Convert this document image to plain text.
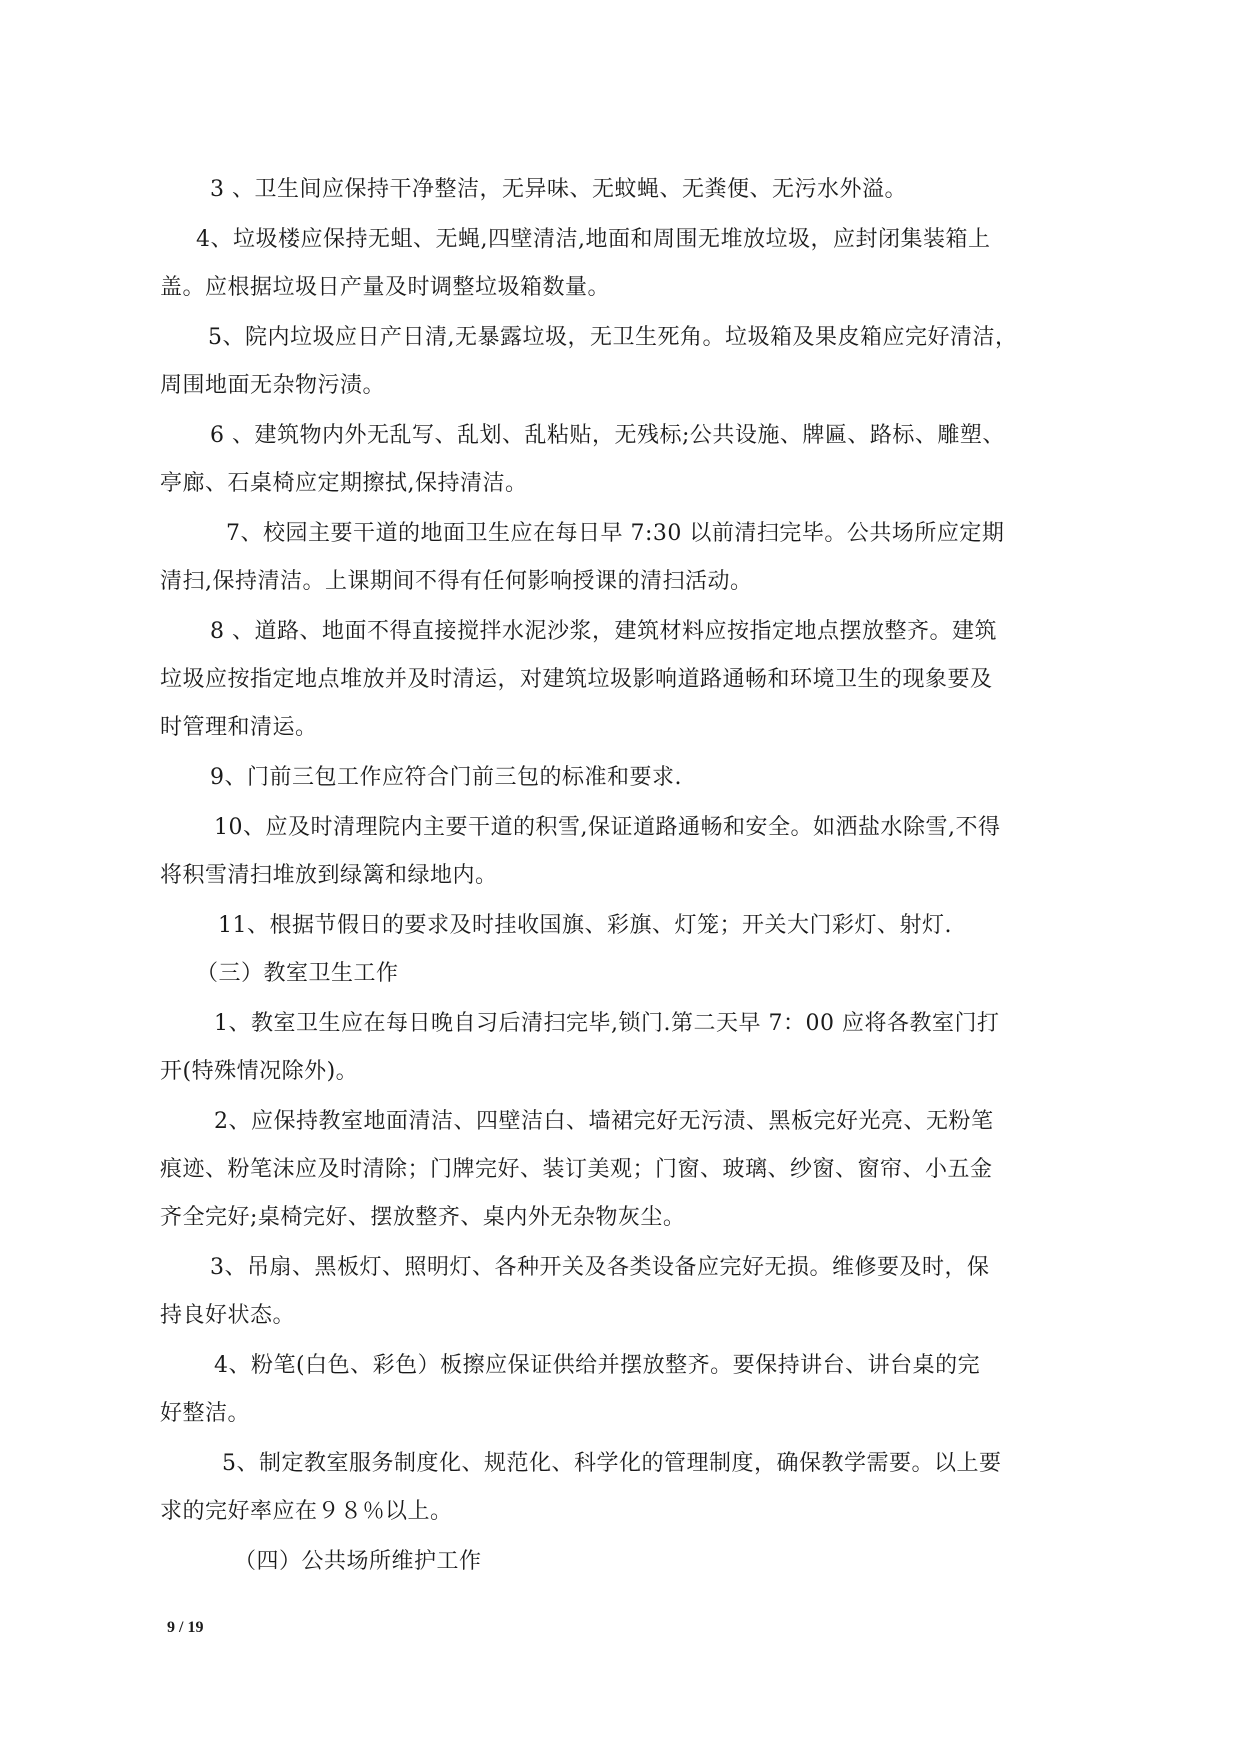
3 、卫生间应保持干净整洁，无异味、无蚊蝇、无粪便、无污水外溢。
4、垃圾楼应保持无蛆、无蝇,四壁清洁,地面和周围无堆放垃圾，应封闭集装箱上
盖。应根据垃圾日产量及时调整垃圾箱数量。
5、院内垃圾应日产日清,无暴露垃圾，无卫生死角。垃圾箱及果皮箱应完好清洁，
周围地面无杂物污渍。
6 、建筑物内外无乱写、乱划、乱粘贴，无残标;公共设施、牌匾、路标、雕塑、
亭廊、石桌椅应定期擦拭,保持清洁。
7、校园主要干道的地面卫生应在每日早 7:30 以前清扫完毕。公共场所应定期
清扫,保持清洁。上课期间不得有任何影响授课的清扫活动。
8 、道路、地面不得直接搅拌水泥沙浆，建筑材料应按指定地点摆放整齐。建筑
垃圾应按指定地点堆放并及时清运，对建筑垃圾影响道路通畅和环境卫生的现象要及
时管理和清运。
9、门前三包工作应符合门前三包的标准和要求.
10、应及时清理院内主要干道的积雪,保证道路通畅和安全。如洒盐水除雪,不得
将积雪清扫堆放到绿篱和绿地内。
11、根据节假日的要求及时挂收国旗、彩旗、灯笼；开关大门彩灯、射灯.
（三）教室卫生工作
1、教室卫生应在每日晚自习后清扫完毕,锁门.第二天早 7：00 应将各教室门打
开(特殊情况除外)。
2、应保持教室地面清洁、四壁洁白、墙裙完好无污渍、黑板完好光亮、无粉笔
痕迹、粉笔沫应及时清除；门牌完好、装订美观；门窗、玻璃、纱窗、窗帘、小五金
齐全完好;桌椅完好、摆放整齐、桌内外无杂物灰尘。
3、吊扇、黑板灯、照明灯、各种开关及各类设备应完好无损。维修要及时，保
持良好状态。
4、粉笔(白色、彩色）板擦应保证供给并摆放整齐。要保持讲台、讲台桌的完
好整洁。
5、制定教室服务制度化、规范化、科学化的管理制度，确保教学需要。以上要
求的完好率应在９８％以上。
（四）公共场所维护工作
9 / 19
